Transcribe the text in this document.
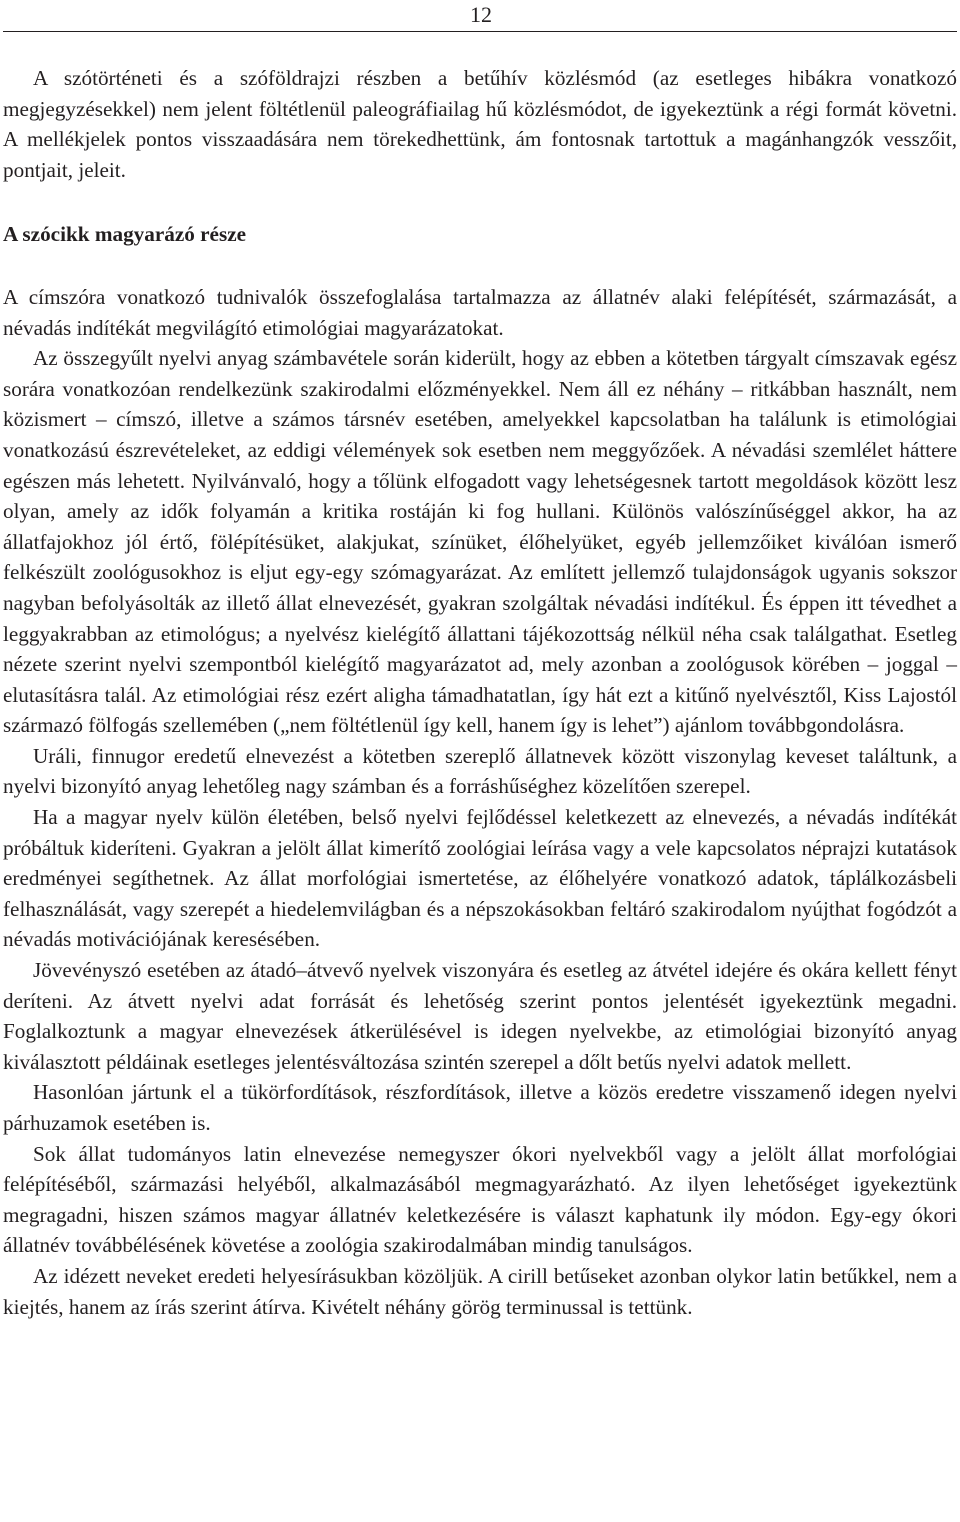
12

A szótörténeti és a szóföldrajzi részben a betűhív közlésmód (az esetleges hibákra vonatkozó megjegyzésekkel) nem jelent föltétlenül paleográfiailag hű közlésmódot, de igyekeztünk a régi formát követni. A mellékjelek pontos visszaadására nem törekedhettünk, ám fontosnak tartottuk a magánhangzók vesszőit, pontjait, jeleit.

A szócikk magyarázó része

A címszóra vonatkozó tudnivalók összefoglalása tartalmazza az állatnév alaki felépítését, származását, a névadás indítékát megvilágító etimológiai magyarázatokat.

Az összegyűlt nyelvi anyag számbavétele során kiderült, hogy az ebben a kötetben tárgyalt címszavak egész sorára vonatkozóan rendelkezünk szakirodalmi előzményekkel. Nem áll ez néhány – ritkábban használt, nem közismert – címszó, illetve a számos társnév esetében, amelyekkel kapcsolatban ha találunk is etimológiai vonatkozású észrevételeket, az eddigi vélemények sok esetben nem meggyőzőek. A névadási szemlélet háttere egészen más lehetett. Nyilvánvaló, hogy a tőlünk elfogadott vagy lehetségesnek tartott megoldások között lesz olyan, amely az idők folyamán a kritika rostáján ki fog hullani. Különös valószínűséggel akkor, ha az állatfajokhoz jól értő, fölépítésüket, alakjukat, színüket, élőhelyüket, egyéb jellemzőiket kiválóan ismerő felkészült zoológusokhoz is eljut egy-egy szómagyarázat. Az említett jellemző tulajdonságok ugyanis sokszor nagyban befolyásolták az illető állat elnevezését, gyakran szolgáltak névadási indítékul. És éppen itt tévedhet a leggyakrabban az etimológus; a nyelvész kielégítő állattani tájékozottság nélkül néha csak találgathat. Esetleg nézete szerint nyelvi szempontból kielégítő magyarázatot ad, mely azonban a zoológusok körében – joggal – elutasításra talál. Az etimológiai rész ezért aligha támadhatatlan, így hát ezt a kitűnő nyelvésztől, Kiss Lajostól származó fölfogás szellemében („nem föltétlenül így kell, hanem így is lehet”) ajánlom továbbgondolásra.

Uráli, finnugor eredetű elnevezést a kötetben szereplő állatnevek között viszonylag keveset találtunk, a nyelvi bizonyító anyag lehetőleg nagy számban és a forráshűséghez közelítően szerepel.

Ha a magyar nyelv külön életében, belső nyelvi fejlődéssel keletkezett az elnevezés, a névadás indítékát próbáltuk kideríteni. Gyakran a jelölt állat kimerítő zoológiai leírása vagy a vele kapcsolatos néprajzi kutatások eredményei segíthetnek. Az állat morfológiai ismertetése, az élőhelyére vonatkozó adatok, táplálkozásbeli felhasználását, vagy szerepét a hiedelemvilágban és a népszokásokban feltáró szakirodalom nyújthat fogódzót a névadás motivációjának keresésében.

Jövevényszó esetében az átadó–átvevő nyelvek viszonyára és esetleg az átvétel idejére és okára kellett fényt deríteni. Az átvett nyelvi adat forrását és lehetőség szerint pontos jelentését igyekeztünk megadni. Foglalkoztunk a magyar elnevezések átkerülésével is idegen nyelvekbe, az etimológiai bizonyító anyag kiválasztott példáinak esetleges jelentésváltozása szintén szerepel a dőlt betűs nyelvi adatok mellett.

Hasonlóan jártunk el a tükörfordítások, részfordítások, illetve a közös eredetre visszamenő idegen nyelvi párhuzamok esetében is.

Sok állat tudományos latin elnevezése nemegyszer ókori nyelvekből vagy a jelölt állat morfológiai felépítéséből, származási helyéből, alkalmazásából megmagyarázható. Az ilyen lehetőséget igyekeztünk megragadni, hiszen számos magyar állatnév keletkezésére is választ kaphatunk ily módon. Egy-egy ókori állatnév továbbélésének követése a zoológia szakirodalmában mindig tanulságos.

Az idézett neveket eredeti helyesírásukban közöljük. A cirill betűseket azonban olykor latin betűkkel, nem a kiejtés, hanem az írás szerint átírva. Kivételt néhány görög terminussal is tettünk.
